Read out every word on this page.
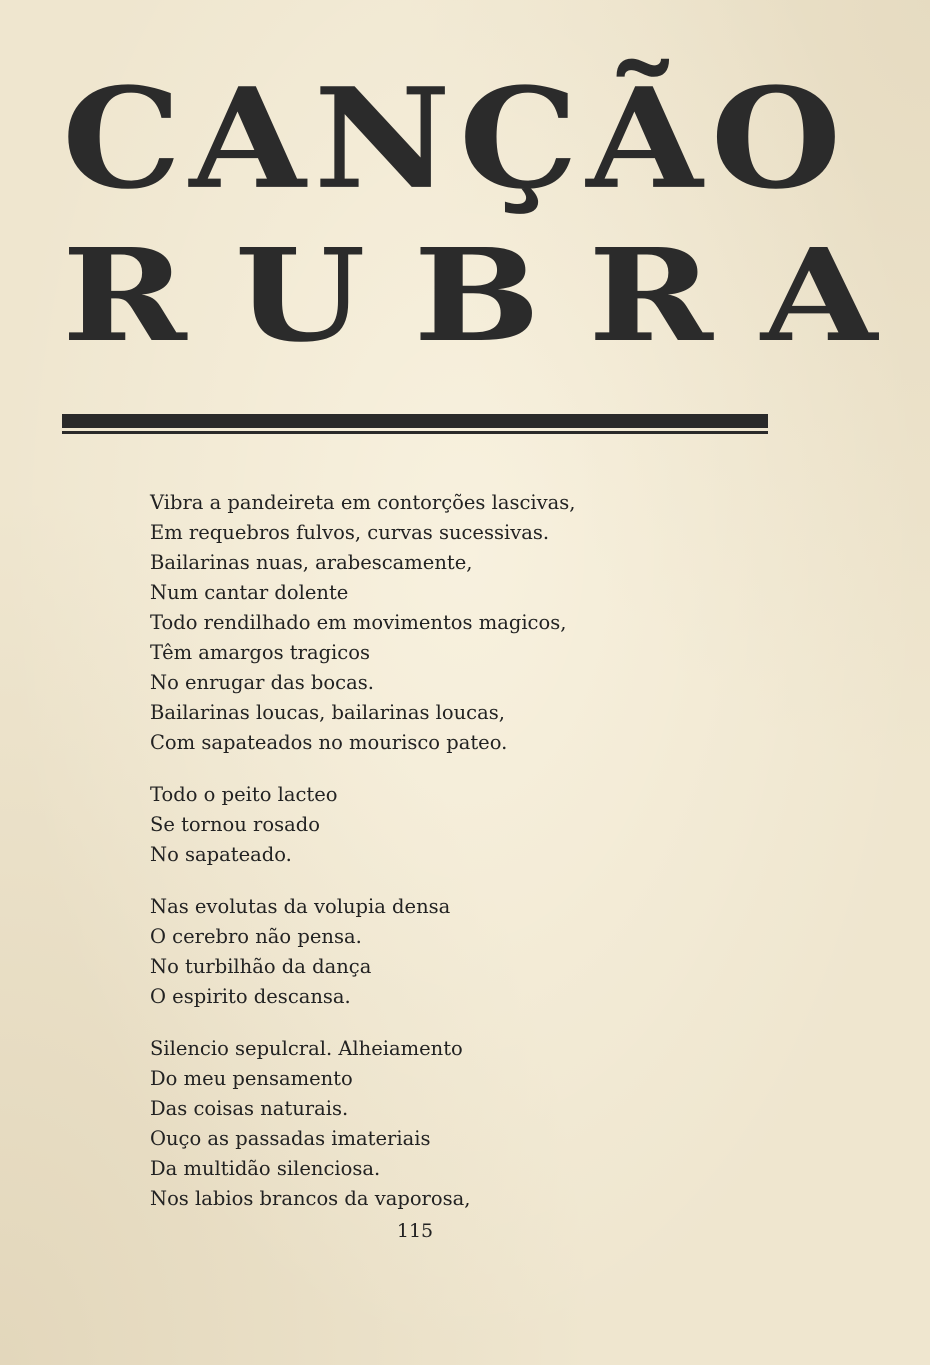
CANÇÃO
RUBRA
Vibra a pandeireta em contorções lascivas,
Em requebros fulvos, curvas sucessivas.
Bailarinas nuas, arabescamente,
Num cantar dolente
Todo rendilhado em movimentos magicos,
Têm amargos tragicos
No enrugar das bocas.
Bailarinas loucas, bailarinas loucas,
Com sapateados no mourisco pateo.
Todo o peito lacteo
Se tornou rosado
No sapateado.
Nas evolutas da volupia densa
O cerebro não pensa.
No turbilhão da dança
O espirito descansa.
Silencio sepulcral. Alheiamento
Do meu pensamento
Das coisas naturais.
Ouço as passadas imateriais
Da multidão silenciosa.
Nos labios brancos da vaporosa,
115
